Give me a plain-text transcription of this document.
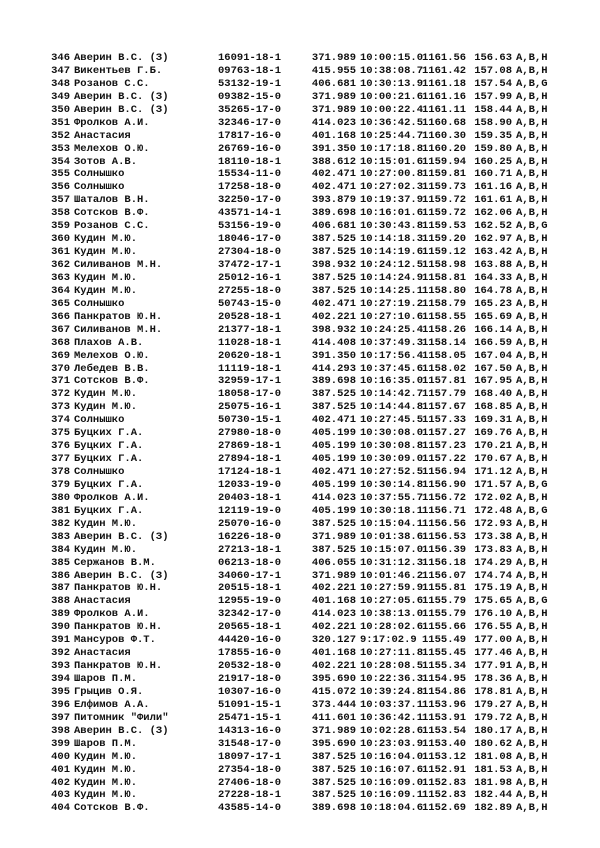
346 Аверин В.С. (З)	16091-18-1	371.989 10:00:15.01161.56 156.63 A,B,H
347 Викентьев Г.Б.	09763-18-1	415.955 10:38:08.71161.42 157.08 A,B,H
348 Розанов С.С.	53132-19-1	406.681 10:30:13.91161.18 157.54 A,B,G
349 Аверин В.С. (З)	09382-15-0	371.989 10:00:21.61161.16 157.99 A,B,H
350 Аверин В.С. (З)	35265-17-0	371.989 10:00:22.41161.11 158.44 A,B,H
351 Фролков А.И.	32346-17-0	414.023 10:36:42.51160.68 158.90 A,B,H
352 Анастасия	17817-16-0	401.168 10:25:44.71160.30 159.35 A,B,H
353 Мелехов О.Ю.	26769-16-0	391.350 10:17:18.81160.20 159.80 A,B,H
354 Зотов А.В.	18110-18-1	388.612 10:15:01.61159.94 160.25 A,B,H
355 Солнышко	15534-11-0	402.471 10:27:00.81159.81 160.71 A,B,H
356 Солнышко	17258-18-0	402.471 10:27:02.31159.73 161.16 A,B,H
357 Шаталов В.Н.	32250-17-0	393.879 10:19:37.91159.72 161.61 A,B,H
358 Сотсков В.Ф.	43571-14-1	389.698 10:16:01.61159.72 162.06 A,B,H
359 Розанов С.С.	53156-19-0	406.681 10:30:43.81159.53 162.52 A,B,G
360 Кудин М.Ю.	18046-17-0	387.525 10:14:18.31159.20 162.97 A,B,H
361 Кудин М.Ю.	27304-18-0	387.525 10:14:19.61159.12 163.42 A,B,H
362 Силиванов М.Н.	37472-17-1	398.932 10:24:12.51158.98 163.88 A,B,H
363 Кудин М.Ю.	25012-16-1	387.525 10:14:24.91158.81 164.33 A,B,H
364 Кудин М.Ю.	27255-18-0	387.525 10:14:25.11158.80 164.78 A,B,H
365 Солнышко	50743-15-0	402.471 10:27:19.21158.79 165.23 A,B,H
366 Панкратов Ю.Н.	20528-18-1	402.221 10:27:10.61158.55 165.69 A,B,H
367 Силиванов М.Н.	21377-18-1	398.932 10:24:25.41158.26 166.14 A,B,H
368 Плахов А.В.	11028-18-1	414.408 10:37:49.31158.14 166.59 A,B,H
369 Мелехов О.Ю.	20620-18-1	391.350 10:17:56.41158.05 167.04 A,B,H
370 Лебедев В.В.	11119-18-1	414.293 10:37:45.61158.02 167.50 A,B,H
371 Сотсков В.Ф.	32959-17-1	389.698 10:16:35.01157.81 167.95 A,B,H
372 Кудин М.Ю.	18058-17-0	387.525 10:14:42.71157.79 168.40 A,B,H
373 Кудин М.Ю.	25075-16-1	387.525 10:14:44.81157.67 168.85 A,B,H
374 Солнышко	50730-15-1	402.471 10:27:45.51157.33 169.31 A,B,H
375 Буцких Г.А.	27980-18-0	405.199 10:30:08.01157.27 169.76 A,B,H
376 Буцких Г.А.	27869-18-1	405.199 10:30:08.81157.23 170.21 A,B,H
377 Буцких Г.А.	27894-18-1	405.199 10:30:09.01157.22 170.67 A,B,H
378 Солнышко	17124-18-1	402.471 10:27:52.51156.94 171.12 A,B,H
379 Буцких Г.А.	12033-19-0	405.199 10:30:14.81156.90 171.57 A,B,G
380 Фролков А.И.	20403-18-1	414.023 10:37:55.71156.72 172.02 A,B,H
381 Буцких Г.А.	12119-19-0	405.199 10:30:18.11156.71 172.48 A,B,G
382 Кудин М.Ю.	25070-16-0	387.525 10:15:04.11156.56 172.93 A,B,H
383 Аверин В.С. (З)	16226-18-0	371.989 10:01:38.61156.53 173.38 A,B,H
384 Кудин М.Ю.	27213-18-1	387.525 10:15:07.01156.39 173.83 A,B,H
385 Сержанов В.М.	06213-18-0	406.055 10:31:12.31156.18 174.29 A,B,H
386 Аверин В.С. (З)	34060-17-1	371.989 10:01:46.21156.07 174.74 A,B,H
387 Панкратов Ю.Н.	20515-18-1	402.221 10:27:59.91155.81 175.19 A,B,H
388 Анастасия	12955-19-0	401.168 10:27:05.61155.79 175.65 A,B,G
389 Фролков А.И.	32342-17-0	414.023 10:38:13.01155.79 176.10 A,B,H
390 Панкратов Ю.Н.	20565-18-1	402.221 10:28:02.61155.66 176.55 A,B,H
391 Мансуров Ф.Т.	44420-16-0	320.127 9:17:02.9 1155.49 177.00 A,B,H
392 Анастасия	17855-16-0	401.168 10:27:11.81155.45 177.46 A,B,H
393 Панкратов Ю.Н.	20532-18-0	402.221 10:28:08.51155.34 177.91 A,B,H
394 Шаров П.М.	21917-18-0	395.690 10:22:36.31154.95 178.36 A,B,H
395 Грыцив О.Я.	10307-16-0	415.072 10:39:24.81154.86 178.81 A,B,H
396 Елфимов А.А.	51091-15-1	373.444 10:03:37.11153.96 179.27 A,B,H
397 Питомник "Фили"	25471-15-1	411.601 10:36:42.11153.91 179.72 A,B,H
398 Аверин В.С. (З)	14313-16-0	371.989 10:02:28.61153.54 180.17 A,B,H
399 Шаров П.М.	31548-17-0	395.690 10:23:03.91153.40 180.62 A,B,H
400 Кудин М.Ю.	18097-17-1	387.525 10:16:04.01153.12 181.08 A,B,H
401 Кудин М.Ю.	27354-18-0	387.525 10:16:07.61152.91 181.53 A,B,H
402 Кудин М.Ю.	27406-18-0	387.525 10:16:09.01152.83 181.98 A,B,H
403 Кудин М.Ю.	27228-18-1	387.525 10:16:09.11152.83 182.44 A,B,H
404 Сотсков В.Ф.	43585-14-0	389.698 10:18:04.61152.69 182.89 A,B,H
